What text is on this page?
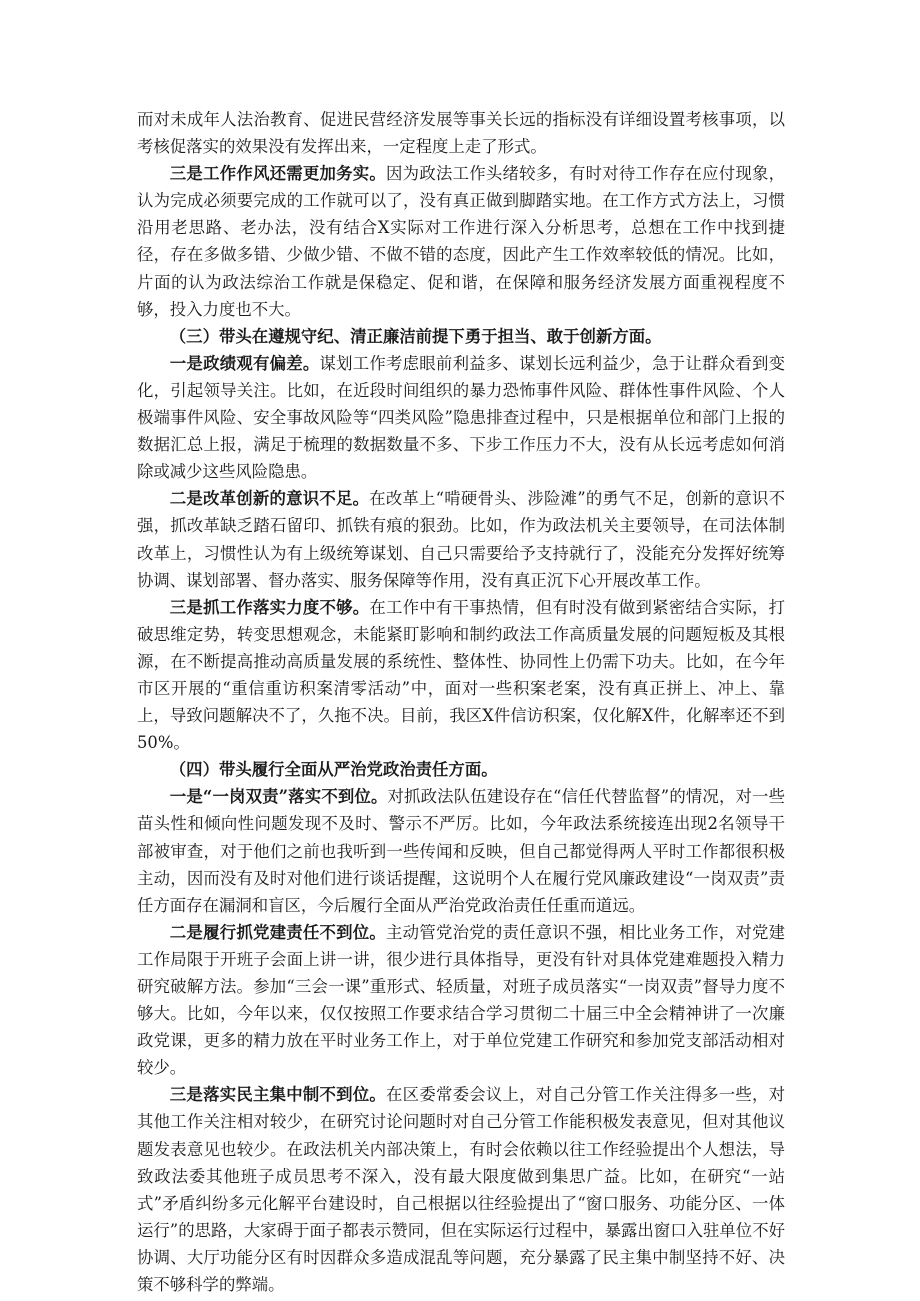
而对未成年人法治教育、促进民营经济发展等事关长远的指标没有详细设置考核事项，以考核促落实的效果没有发挥出来，一定程度上走了形式。

三是工作作风还需更加务实。因为政法工作头绪较多，有时对待工作存在应付现象，认为完成必须要完成的工作就可以了，没有真正做到脚踏实地。在工作方式方法上，习惯沿用老思路、老办法，没有结合X实际对工作进行深入分析思考，总想在工作中找到捷径，存在多做多错、少做少错、不做不错的态度，因此产生工作效率较低的情况。比如，片面的认为政法综治工作就是保稳定、促和谐，在保障和服务经济发展方面重视程度不够，投入力度也不大。

（三）带头在遵规守纪、清正廉洁前提下勇于担当、敢于创新方面。

一是政绩观有偏差。谋划工作考虑眼前利益多、谋划长远利益少，急于让群众看到变化，引起领导关注。比如，在近段时间组织的暴力恐怖事件风险、群体性事件风险、个人极端事件风险、安全事故风险等“四类风险”隐患排查过程中，只是根据单位和部门上报的数据汇总上报，满足于梳理的数据数量不多、下步工作压力不大，没有从长远考虑如何消除或减少这些风险隐患。

二是改革创新的意识不足。在改革上“啃硬骨头、涉险滩”的勇气不足，创新的意识不强，抓改革缺乏踏石留印、抓铁有痕的狠劲。比如，作为政法机关主要领导，在司法体制改革上，习惯性认为有上级统筹谋划、自己只需要给予支持就行了，没能充分发挥好统筹协调、谋划部署、督办落实、服务保障等作用，没有真正沉下心开展改革工作。

三是抓工作落实力度不够。在工作中有干事热情，但有时没有做到紧密结合实际，打破思维定势，转变思想观念，未能紧盯影响和制约政法工作高质量发展的问题短板及其根源，在不断提高推动高质量发展的系统性、整体性、协同性上仍需下功夫。比如，在今年市区开展的“重信重访积案清零活动”中，面对一些积案老案，没有真正拼上、冲上、靠上，导致问题解决不了，久拖不决。目前，我区X件信访积案，仅化解X件，化解率还不到50%。

（四）带头履行全面从严治党政治责任方面。

一是“一岗双责”落实不到位。对抓政法队伍建设存在“信任代替监督”的情况，对一些苗头性和倾向性问题发现不及时、警示不严厉。比如，今年政法系统接连出现2名领导干部被审查，对于他们之前也我听到一些传闻和反映，但自己都觉得两人平时工作都很积极主动，因而没有及时对他们进行谈话提醒，这说明个人在履行党风廉政建设“一岗双责”责任方面存在漏洞和盲区，今后履行全面从严治党政治责任任重而道远。

二是履行抓党建责任不到位。主动管党治党的责任意识不强，相比业务工作，对党建工作局限于开班子会面上讲一讲，很少进行具体指导，更没有针对具体党建难题投入精力研究破解方法。参加“三会一课”重形式、轻质量，对班子成员落实“一岗双责”督导力度不够大。比如，今年以来，仅仅按照工作要求结合学习贯彻二十届三中全会精神讲了一次廉政党课，更多的精力放在平时业务工作上，对于单位党建工作研究和参加党支部活动相对较少。

三是落实民主集中制不到位。在区委常委会议上，对自己分管工作关注得多一些，对其他工作关注相对较少，在研究讨论问题时对自己分管工作能积极发表意见，但对其他议题发表意见也较少。在政法机关内部决策上，有时会依赖以往工作经验提出个人想法，导致政法委其他班子成员思考不深入，没有最大限度做到集思广益。比如，在研究“一站式”矛盾纠纷多元化解平台建设时，自己根据以往经验提出了“窗口服务、功能分区、一体运行”的思路，大家碍于面子都表示赞同，但在实际运行过程中，暴露出窗口入驻单位不好协调、大厅功能分区有时因群众多造成混乱等问题，充分暴露了民主集中制坚持不好、决策不够科学的弊端。
